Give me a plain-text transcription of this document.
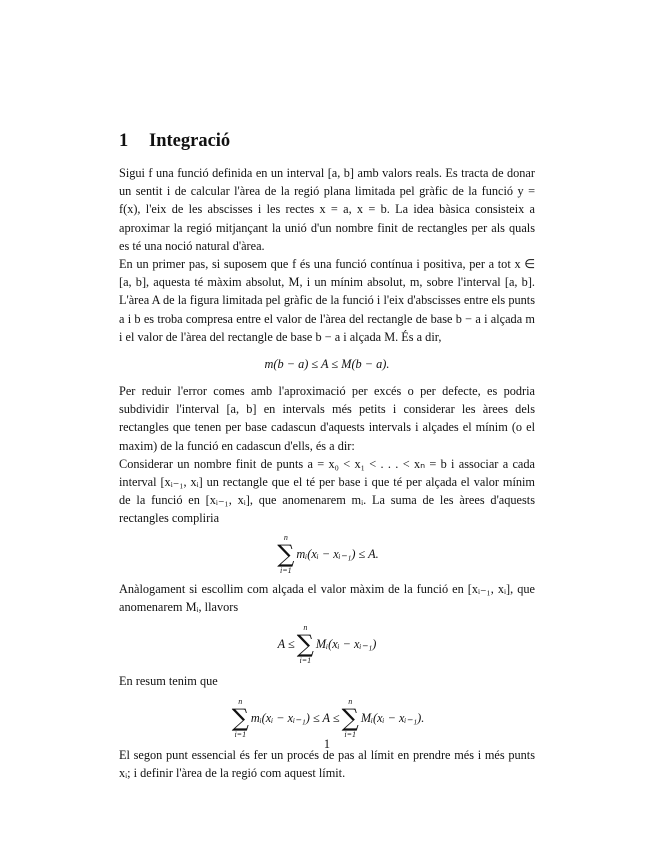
1 Integració

Sigui f una funció definida en un interval [a, b] amb valors reals. Es tracta de donar un sentit i de calcular l'àrea de la regió plana limitada pel gràfic de la funció y = f(x), l'eix de les abscisses i les rectes x = a, x = b. La idea bàsica consisteix a aproximar la regió mitjançant la unió d'un nombre finit de rectangles per als quals es té una noció natural d'àrea.

En un primer pas, si suposem que f és una funció contínua i positiva, per a tot x ∈ [a, b], aquesta té màxim absolut, M, i un mínim absolut, m, sobre l'interval [a, b]. L'àrea A de la figura limitada pel gràfic de la funció i l'eix d'abscisses entre els punts a i b es troba compresa entre el valor de l'àrea del rectangle de base b − a i alçada m i el valor de l'àrea del rectangle de base b − a i alçada M. És a dir,

m(b − a) ≤ A ≤ M(b − a).

Per reduir l'error comes amb l'aproximació per excés o per defecte, es podria subdividir l'interval [a, b] en intervals més petits i considerar les àrees dels rectangles que tenen per base cadascun d'aquests intervals i alçades el mínim (o el maxim) de la funció en cadascun d'ells, és a dir:

Considerar un nombre finit de punts a = x₀ < x₁ < . . . < xₙ = b i associar a cada interval [xᵢ₋₁, xᵢ] un rectangle que el té per base i que té per alçada el valor mínim de la funció en [xᵢ₋₁, xᵢ], que anomenarem mᵢ. La suma de les àrees d'aquests rectangles compliria

n
∑
i=1
mᵢ(xᵢ − xᵢ₋₁) ≤ A.

Anàlogament si escollim com alçada el valor màxim de la funció en [xᵢ₋₁, xᵢ], que anomenarem Mᵢ, llavors

A ≤
n
∑
i=1
Mᵢ(xᵢ − xᵢ₋₁)

En resum tenim que

n
∑
i=1
mᵢ(xᵢ − xᵢ₋₁) ≤ A ≤
n
∑
i=1
Mᵢ(xᵢ − xᵢ₋₁).

El segon punt essencial és fer un procés de pas al límit en prendre més i més punts xᵢ; i definir l'àrea de la regió com aquest límit.

1
